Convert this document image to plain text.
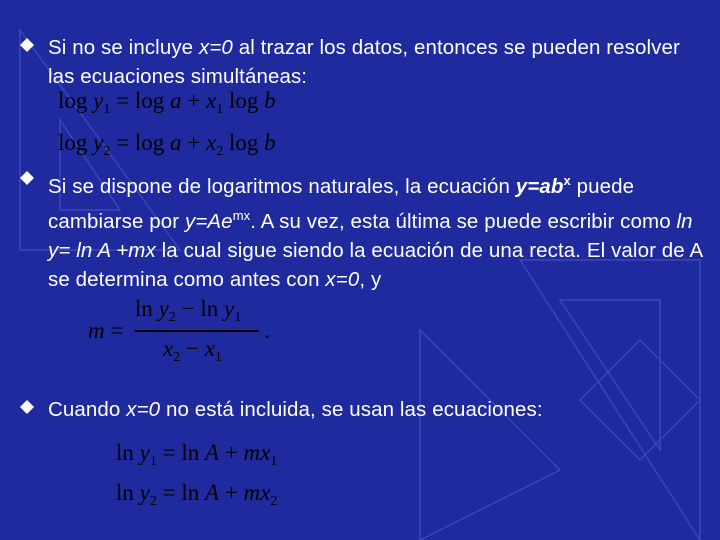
Si no se incluye x=0 al trazar los datos, entonces se pueden resolver las ecuaciones simultáneas:
$\log y_1 = \log a + x_1$ log b
$\log y_2 = \log a + x_2$ log b
Si se dispone de logaritmos naturales, la ecuación $y=ab^x$ puede cambiarse por $y=Ae^{mx}$. A su vez, esta última se puede escribir como ln y= ln A +mx la cual sigue siendo la ecuación de una recta. El valor de A se determina como antes con x=0, y
m =
$\ln y_2 - \ln y_1$
$x_2 - x_1$
.
Cuando x=0 no está incluida, se usan las ecuaciones:
$\ln y_1 = \ln A + mx_1$
$\ln y_2 = \ln A + mx_2$
